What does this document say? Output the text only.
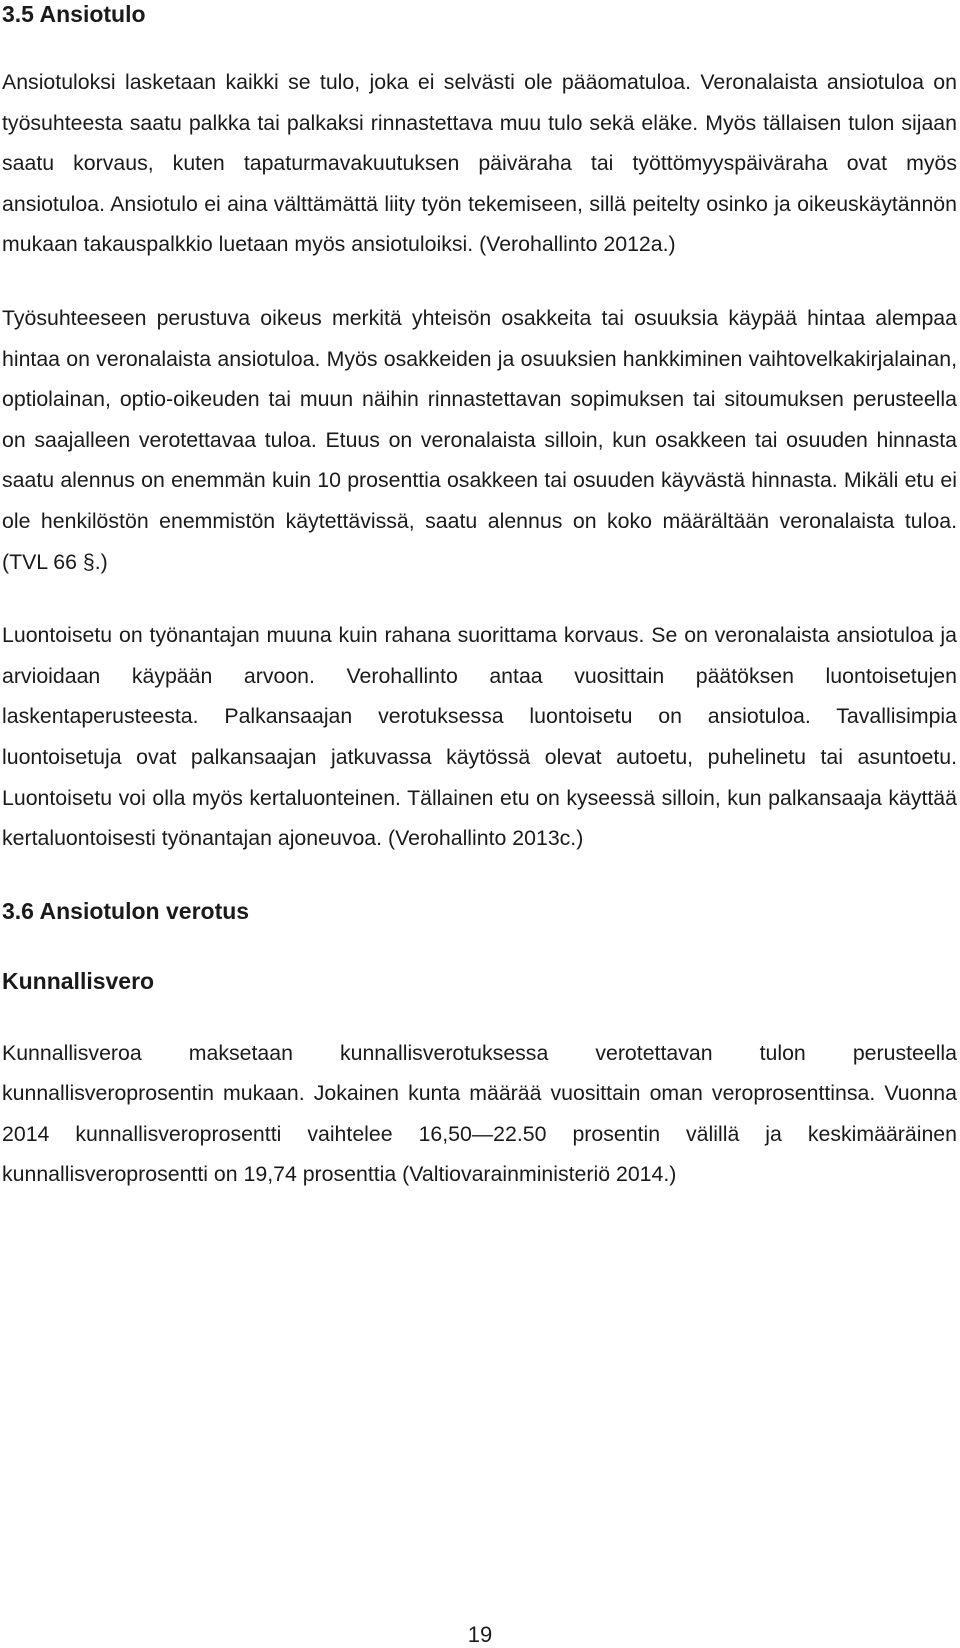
3.5 Ansiotulo

Ansiotuloksi lasketaan kaikki se tulo, joka ei selvästi ole pääomatuloa. Veronalaista ansiotuloa on työsuhteesta saatu palkka tai palkaksi rinnastettava muu tulo sekä eläke. Myös tällaisen tulon sijaan saatu korvaus, kuten tapaturmavakuutuksen päiväraha tai työttömyyspäiväraha ovat myös ansiotuloa. Ansiotulo ei aina välttämättä liity työn tekemiseen, sillä peitelty osinko ja oikeuskäytännön mukaan takauspalkkio luetaan myös ansiotuloiksi. (Verohallinto 2012a.)

Työsuhteeseen perustuva oikeus merkitä yhteisön osakkeita tai osuuksia käypää hintaa alempaa hintaa on veronalaista ansiotuloa. Myös osakkeiden ja osuuksien hankkiminen vaihtovelkakirjalainan, optiolainan, optio-oikeuden tai muun näihin rinnastettavan sopimuksen tai sitoumuksen perusteella on saajalleen verotettavaa tuloa. Etuus on veronalaista silloin, kun osakkeen tai osuuden hinnasta saatu alennus on enemmän kuin 10 prosenttia osakkeen tai osuuden käyvästä hinnasta. Mikäli etu ei ole henkilöstön enemmistön käytettävissä, saatu alennus on koko määrältään veronalaista tuloa. (TVL 66 §.)

Luontoisetu on työnantajan muuna kuin rahana suorittama korvaus. Se on veronalaista ansiotuloa ja arvioidaan käypään arvoon. Verohallinto antaa vuosittain päätöksen luontoisetujen laskentaperusteesta. Palkansaajan verotuksessa luontoisetu on ansiotuloa. Tavallisimpia luontoisetuja ovat palkansaajan jatkuvassa käytössä olevat autoetu, puhelinetu tai asuntoetu. Luontoisetu voi olla myös kertaluonteinen. Tällainen etu on kyseessä silloin, kun palkansaaja käyttää kertaluontoisesti työnantajan ajoneuvoa. (Verohallinto 2013c.)

3.6 Ansiotulon verotus
Kunnallisvero

Kunnallisveroa maksetaan kunnallisverotuksessa verotettavan tulon perusteella kunnallisveroprosentin mukaan. Jokainen kunta määrää vuosittain oman veroprosenttinsa. Vuonna 2014 kunnallisveroprosentti vaihtelee 16,50—22.50 prosentin välillä ja keskimääräinen kunnallisveroprosentti on 19,74 prosenttia (Valtiovarainministeriö 2014.)

19
